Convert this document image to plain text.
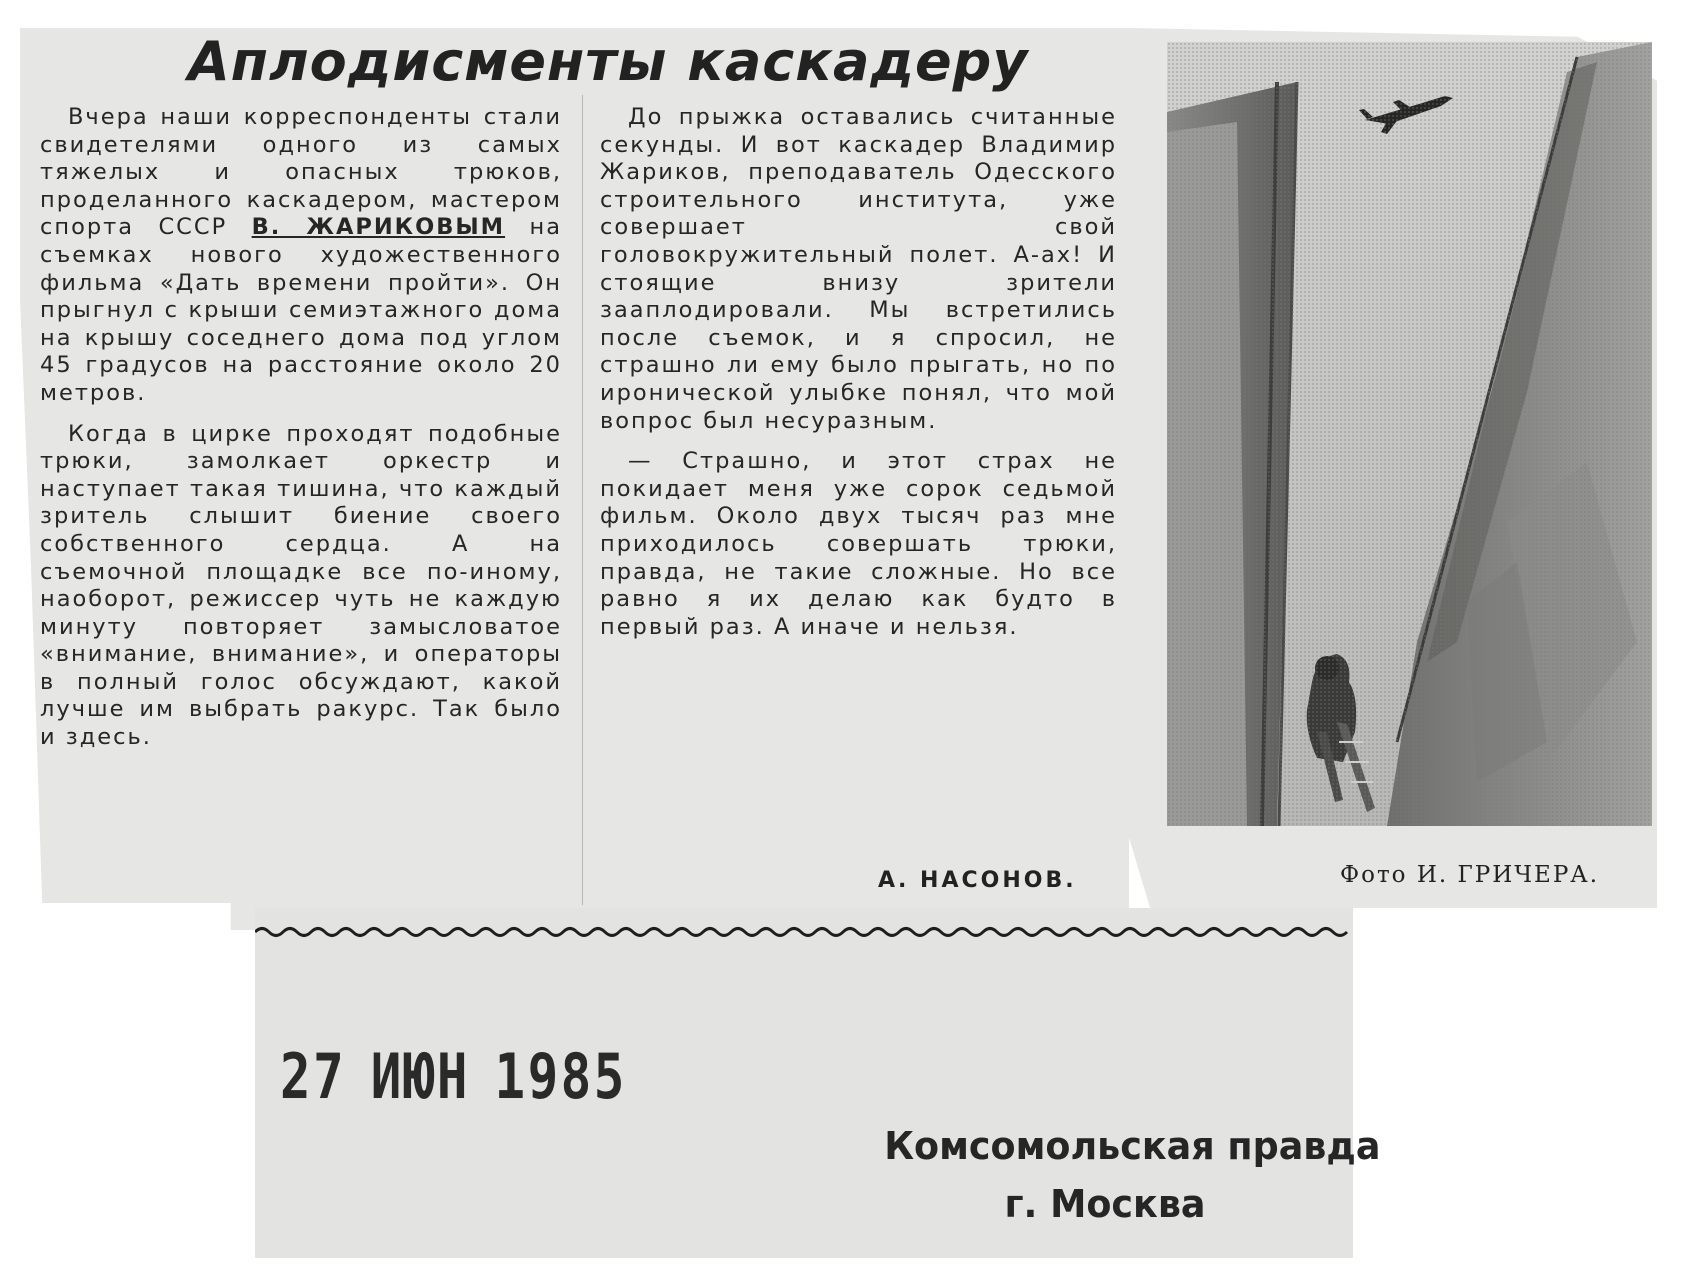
Аплодисменты каскадеру

Вчера наши корреспонденты стали свидетелями одного из самых тяжелых и опасных трюков, проделанного каскадером, мастером спорта СССР В. ЖАРИКОВЫМ на съемках нового художественного фильма «Дать времени пройти». Он прыгнул с крыши семиэтажного дома на крышу соседнего дома под углом 45 градусов на расстояние около 20 метров.

Когда в цирке проходят подобные трюки, замолкает оркестр и наступает такая тишина, что каждый зритель слышит биение своего собственного сердца. А на съемочной площадке все по-иному, наоборот, режиссер чуть не каждую минуту повторяет замысловатое «внимание, внимание», и операторы в полный голос обсуждают, какой лучше им выбрать ракурс. Так было и здесь.

До прыжка оставались считанные секунды. И вот каскадер Владимир Жариков, преподаватель Одесского строительного института, уже совершает свой головокружительный полет. А-ах! И стоящие внизу зрители зааплодировали. Мы встретились после съемок, и я спросил, не страшно ли ему было прыгать, но по иронической улыбке понял, что мой вопрос был несуразным.

— Страшно, и этот страх не покидает меня уже сорок седьмой фильм. Около двух тысяч раз мне приходилось совершать трюки, правда, не такие сложные. Но все равно я их делаю как будто в первый раз. А иначе и нельзя.

А. НАСОНОВ.	Фото И. ГРИЧЕРА.

27 ИЮН 1985

Комсомольская правда
г. Москва
